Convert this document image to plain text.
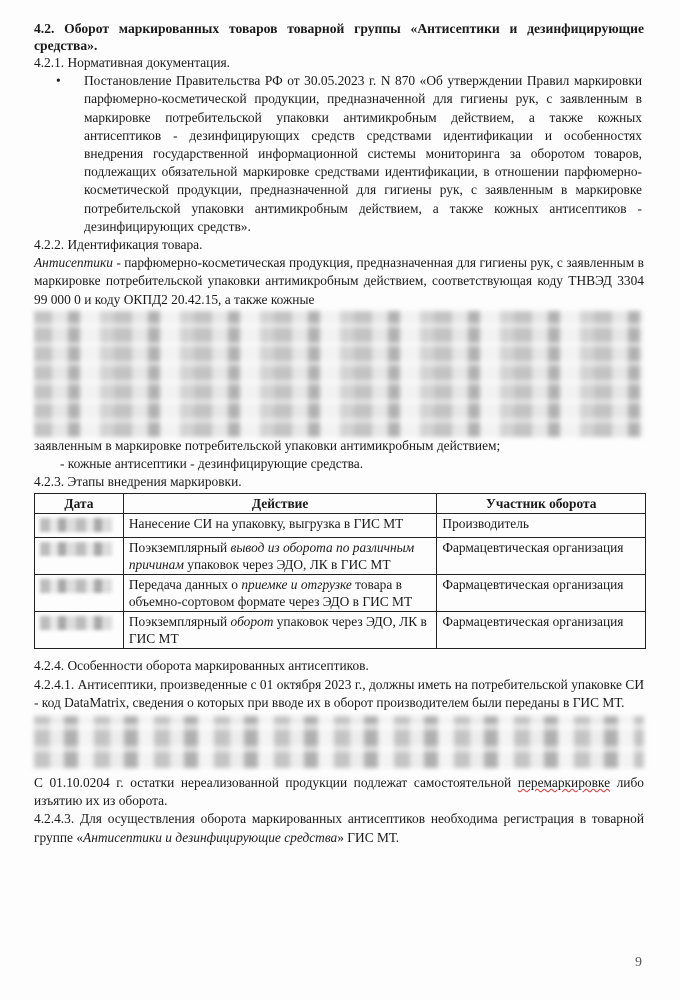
4.2. Оборот маркированных товаров товарной группы «Антисептики и дезинфицирующие средства».

4.2.1. Нормативная документация.

•	Постановление Правительства РФ от 30.05.2023 г. N 870 «Об утверждении Правил маркировки парфюмерно-косметической продукции, предназначенной для гигиены рук, с заявленным в маркировке потребительской упаковки антимикробным действием, а также кожных антисептиков - дезинфицирующих средств средствами идентификации и особенностях внедрения государственной информационной системы мониторинга за оборотом товаров, подлежащих обязательной маркировке средствами идентификации, в отношении парфюмерно-косметической продукции, предназначенной для гигиены рук, с заявленным в маркировке потребительской упаковки антимикробным действием, а также кожных антисептиков - дезинфицирующих средств».

4.2.2. Идентификация товара.

Антисептики - парфюмерно-косметическая продукция, предназначенная для гигиены рук, с заявленным в маркировке потребительской упаковки антимикробным действием, соответствующая коду ТНВЭД 3304 99 000 0 и коду ОКПД2 20.42.15, а также кожные

заявленным в маркировке потребительской упаковки антимикробным действием;

- кожные антисептики - дезинфицирующие средства.

4.2.3. Этапы внедрения маркировки.

Дата	Действие	Участник оборота
	Нанесение СИ на упаковку, выгрузка в ГИС МТ	Производитель
	Поэкземплярный вывод из оборота по различным причинам упаковок через ЭДО, ЛК в ГИС МТ	Фармацевтическая организация
	Передача данных о приемке и отгрузке товара в объемно-сортовом формате через ЭДО в ГИС МТ	Фармацевтическая организация
	Поэкземплярный оборот упаковок через ЭДО, ЛК в ГИС МТ	Фармацевтическая организация

4.2.4. Особенности оборота маркированных антисептиков.

4.2.4.1. Антисептики, произведенные с 01 октября 2023 г., должны иметь на потребительской упаковке СИ - код DataMatrix, сведения о которых при вводе их в оборот производителем были переданы в ГИС МТ.

С 01.10.0204 г. остатки нереализованной продукции подлежат самостоятельной перемаркировке либо изъятию их из оборота.

4.2.4.3. Для осуществления оборота маркированных антисептиков необходима регистрация в товарной группе «Антисептики и дезинфицирующие средства» ГИС МТ.

9
